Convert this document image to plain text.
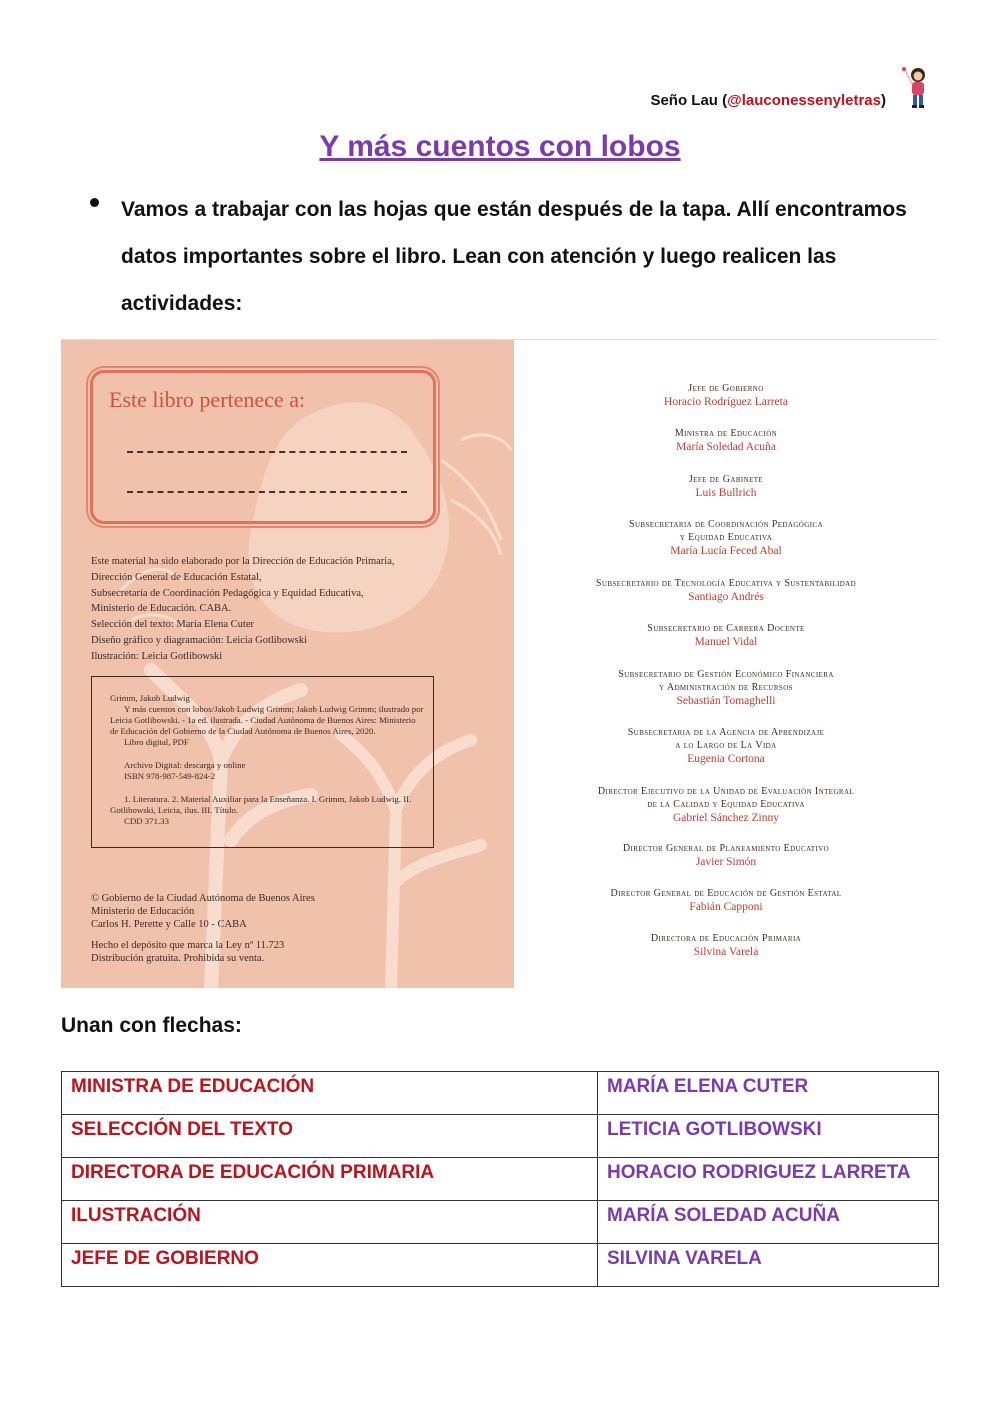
Seño Lau (@lauconessenyletras)
Y más cuentos con lobos
Vamos a trabajar con las hojas que están después de la tapa. Allí encontramos datos importantes sobre el libro. Lean con atención y luego realicen las actividades:
Este libro pertenece a:
Este material ha sido elaborado por la Dirección de Educación Primaria,
Dirección General de Educación Estatal,
Subsecretaría de Coordinación Pedagógica y Equidad Educativa,
Ministerio de Educación. CABA.
Selección del texto: María Elena Cuter
Diseño gráfico y diagramación: Leicia Gotlibowski
Ilustración: Leicia Gotlibowski
Grimm, Jakob Ludwig
Y más cuentos con lobos/Jakob Ludwig Grimm; Jakob Ludwig Grimm; ilustrado por Leicia Gotlibowski. - 1a ed. ilustrada. - Ciudad Autónoma de Buenos Aires: Ministerio de Educación del Gobierno de la Ciudad Autónoma de Buenos Aires, 2020.
Libro digital, PDF
Archivo Digital: descarga y online
ISBN 978-987-549-824-2
1. Literatura. 2. Material Auxiliar para la Enseñanza. I. Grimm, Jakob Ludwig. II. Gotlibowski, Leicia, ilus. III. Título.
CDD 371.33
© Gobierno de la Ciudad Autónoma de Buenos Aires
Ministerio de Educación
Carlos H. Perette y Calle 10 - CABA
Hecho el depósito que marca la Ley nº 11.723
Distribución gratuita. Prohibida su venta.
Jefe de Gobierno
Horacio Rodríguez Larreta
Ministra de Educación
María Soledad Acuña
Jefe de Gabinete
Luis Bullrich
Subsecretaria de Coordinación Pedagógica
y Equidad Educativa
María Lucía Feced Abal
Subsecretario de Tecnología Educativa y Sustentabilidad
Santiago Andrés
Subsecretario de Carrera Docente
Manuel Vidal
Subsecretario de Gestión Económico Financiera
y Administración de Recursos
Sebastián Tomaghelli
Subsecretaria de la Agencia de Aprendizaje
a lo Largo de La Vida
Eugenia Cortona
Director Ejecutivo de la Unidad de Evaluación Integral
de la Calidad y Equidad Educativa
Gabriel Sánchez Zinny
Director General de Planeamiento Educativo
Javier Simón
Director General de Educación de Gestión Estatal
Fabián Capponi
Directora de Educación Primaria
Silvina Varela
Unan con flechas:
MINISTRA DE EDUCACIÓN	MARÍA ELENA CUTER
SELECCIÓN DEL TEXTO	LETICIA GOTLIBOWSKI
DIRECTORA DE EDUCACIÓN PRIMARIA	HORACIO RODRIGUEZ LARRETA
ILUSTRACIÓN	MARÍA SOLEDAD ACUÑA
JEFE DE GOBIERNO	SILVINA VARELA
